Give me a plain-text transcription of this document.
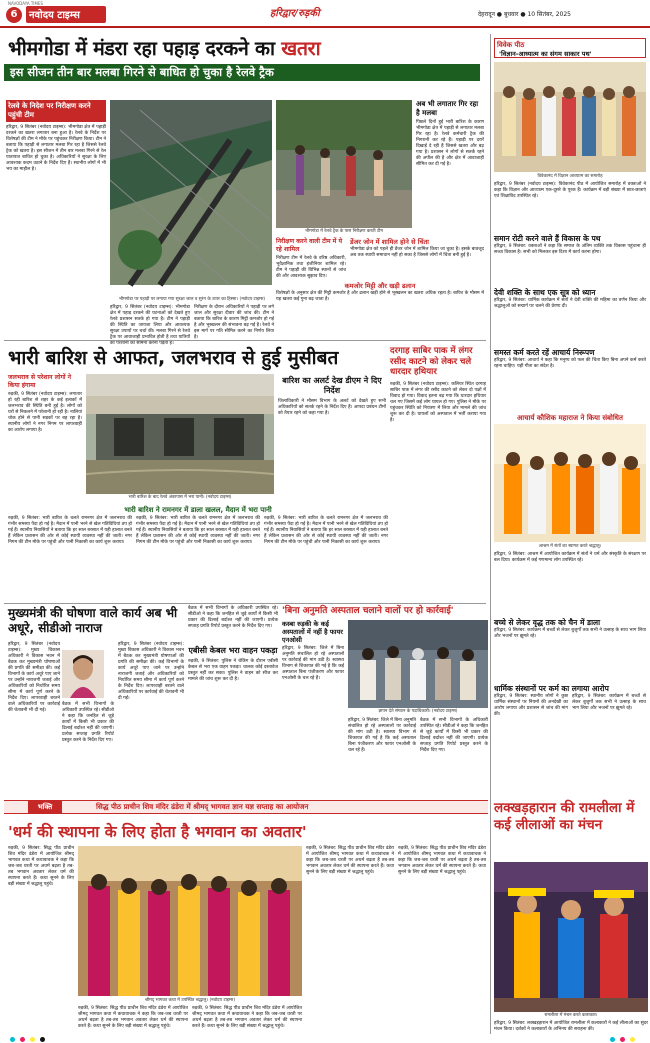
6	नवोदय टाइम्स
NAVODAYA TIMES
हरिद्वार/रुड़की	देहरादून ● बुधवार ● 10 सितंबर, 2025
भीमगोडा में मंडरा रहा पहाड़ दरकने का खतरा
इस सीजन तीन बार मलबा गिरने से बाधित हो चुका है रेलवे ट्रैक
रेलवे के निदेश पर निरीक्षण करने पहुंची टीम
हरिद्वार, 9 सितंबर (नवोदय टाइम्स): भीमगोडा क्षेत्र में पहाड़ी दरकने का खतरा लगातार बना हुआ है। रेलवे के निर्देश पर विशेषज्ञों की टीम ने मौके पर पहुंचकर निरीक्षण किया। टीम ने बताया कि पहाड़ी से लगातार मलबा गिर रहा है जिससे रेलवे ट्रैक को खतरा है। इस सीजन में तीन बार मलबा गिरने से रेल यातायात बाधित हो चुका है। अधिकारियों ने सुरक्षा के लिए आवश्यक कदम उठाने के निर्देश दिए हैं। स्थानीय लोगों में भी भय का माहौल है।
भीमगोडा पर पहाड़ी पर लगाया गया सुरक्षा जाल व सुरंग के ऊपर का हिस्सा। (नवोदय टाइम्स)
भीमगोडा में रेलवे ट्रैक के पास निरीक्षण करती टीम
अब भी लगातार गिर रहा है मलबा
पिछले दिनों हुई भारी बारिश के कारण भीमगोडा क्षेत्र में पहाड़ी से लगातार मलबा गिर रहा है। रेलवे कर्मचारी ट्रैक की निगरानी कर रहे हैं। पहाड़ी पर दरारें दिखाई दे रही हैं जिससे खतरा और बढ़ गया है। प्रशासन ने लोगों से सतर्क रहने की अपील की है और क्षेत्र में आवाजाही सीमित कर दी गई है।
निरीक्षण करने वाली टीम में ये रहे शामिल
निरीक्षण टीम में रेलवे के वरिष्ठ अधिकारी, भूवैज्ञानिक तथा इंजीनियर शामिल रहे। टीम ने पहाड़ी की विभिन्न स्थानों से जांच की और आवश्यक सुझाव दिए।
डेंजर जोन में शामिल होने से चिंता
भीमगोडा क्षेत्र को पहले ही डेंजर जोन में शामिल किया जा चुका है। इसके बावजूद अब तक स्थायी समाधान नहीं हो सका है जिससे लोगों में चिंता बनी हुई है।
कमजोर मिट्टी और खड़ी ढलान
विशेषज्ञों के अनुसार क्षेत्र की मिट्टी कमजोर है और ढलान खड़ी होने से भूस्खलन का खतरा अधिक रहता है। बारिश के मौसम में यह खतरा कई गुना बढ़ जाता है।
हरिद्वार, 9 सितंबर (नवोदय टाइम्स): भीमगोडा क्षेत्र में पहाड़ दरकने की घटनाओं को देखते हुए रेलवे प्रशासन सतर्क हो गया है। टीम ने पहाड़ी की स्थिति का जायजा लिया और आवश्यक सुरक्षा उपायों पर चर्चा की। मलबा गिरने से रेलवे ट्रैक पर आवाजाही प्रभावित होती है तथा यात्रियों को परेशानी का सामना करना पड़ता है।
निरीक्षण के दौरान अधिकारियों ने पहाड़ी पर लगे जाल और सुरक्षा दीवार की जांच की। टीम ने बताया कि बारिश के कारण मिट्टी कमजोर हो गई है और भूस्खलन की संभावना बढ़ गई है। रेलवे ने इस मार्ग पर गति सीमित करने का निर्णय लिया है।
भारी बारिश से आफत, जलभराव से हुई मुसीबत
जलभराव से परेशान लोगों ने किया हंगामा
रुड़की, 9 सितंबर (नवोदय टाइम्स): लगातार हो रही बारिश से शहर के कई इलाकों में जलभराव की स्थिति बनी हुई है। लोगों को घरों से निकलने में परेशानी हो रही है। नालियां चोक होने से पानी सड़कों पर बह रहा है। स्थानीय लोगों ने नगर निगम पर लापरवाही का आरोप लगाया है।
भारी बारिश के बाद रेलवे अंडरपास में भरा पानी। (नवोदय टाइम्स)
बारिश का अलर्ट देख डीएम ने दिए निर्देश
जिलाधिकारी ने मौसम विभाग के अलर्ट को देखते हुए सभी अधिकारियों को सतर्क रहने के निर्देश दिए हैं। आपदा प्रबंधन टीमों को तैयार रहने को कहा गया है।
भारी बारिश ने रामनगर में डाला खलल, मैदान में भरा पानी
रुड़की, 9 सितंबर: भारी बारिश के चलते रामनगर क्षेत्र में जलभराव की गंभीर समस्या पैदा हो गई है। मैदान में पानी भरने से खेल गतिविधियां ठप हो गई हैं। स्थानीय निवासियों ने बताया कि हर साल बरसात में यही हालात बनते हैं लेकिन प्रशासन की ओर से कोई स्थायी व्यवस्था नहीं की जाती। नगर निगम की टीम मौके पर पहुंची और पानी निकासी का कार्य शुरू कराया।
रुड़की, 9 सितंबर: भारी बारिश के चलते रामनगर क्षेत्र में जलभराव की गंभीर समस्या पैदा हो गई है। मैदान में पानी भरने से खेल गतिविधियां ठप हो गई हैं। स्थानीय निवासियों ने बताया कि हर साल बरसात में यही हालात बनते हैं लेकिन प्रशासन की ओर से कोई स्थायी व्यवस्था नहीं की जाती। नगर निगम की टीम मौके पर पहुंची और पानी निकासी का कार्य शुरू कराया।
रुड़की, 9 सितंबर: भारी बारिश के चलते रामनगर क्षेत्र में जलभराव की गंभीर समस्या पैदा हो गई है। मैदान में पानी भरने से खेल गतिविधियां ठप हो गई हैं। स्थानीय निवासियों ने बताया कि हर साल बरसात में यही हालात बनते हैं लेकिन प्रशासन की ओर से कोई स्थायी व्यवस्था नहीं की जाती। नगर निगम की टीम मौके पर पहुंची और पानी निकासी का कार्य शुरू कराया।
दरगाह साबिर पाक में लंगर रसीद काटने को लेकर चले धारदार हथियार
रुड़की, 9 सितंबर (नवोदय टाइम्स): कलियर स्थित दरगाह साबिर पाक में लंगर की रसीद काटने को लेकर दो पक्षों में विवाद हो गया। विवाद इतना बढ़ गया कि धारदार हथियार चल गए जिसमें कई लोग घायल हो गए। पुलिस ने मौके पर पहुंचकर स्थिति को नियंत्रण में लिया और मामले की जांच शुरू कर दी है। घायलों को अस्पताल में भर्ती कराया गया है।
मुख्यमंत्री की घोषणा वाले कार्य अब भी अधूरे, सीडीओ नाराज
हरिद्वार, 9 सितंबर (नवोदय टाइम्स): मुख्य विकास अधिकारी ने विकास भवन में बैठक कर मुख्यमंत्री घोषणाओं की प्रगति की समीक्षा की। कई विभागों के कार्य अधूरे पाए जाने पर उन्होंने नाराजगी जताई और अधिकारियों को निर्धारित समय सीमा में कार्य पूर्ण करने के निर्देश दिए। लापरवाही बरतने वाले अधिकारियों पर कार्रवाई की चेतावनी भी दी गई।
बैठक में सभी विभागों के अधिकारी उपस्थित रहे। सीडीओ ने कहा कि जनहित से जुड़े कार्यों में किसी भी प्रकार की ढिलाई बर्दाश्त नहीं की जाएगी। प्रत्येक सप्ताह प्रगति रिपोर्ट प्रस्तुत करने के निर्देश दिए गए।
हरिद्वार, 9 सितंबर (नवोदय टाइम्स): मुख्य विकास अधिकारी ने विकास भवन में बैठक कर मुख्यमंत्री घोषणाओं की प्रगति की समीक्षा की। कई विभागों के कार्य अधूरे पाए जाने पर उन्होंने नाराजगी जताई और अधिकारियों को निर्धारित समय सीमा में कार्य पूर्ण करने के निर्देश दिए। लापरवाही बरतने वाले अधिकारियों पर कार्रवाई की चेतावनी भी दी गई।
बैठक में सभी विभागों के अधिकारी उपस्थित रहे। सीडीओ ने कहा कि जनहित से जुड़े कार्यों में किसी भी प्रकार की ढिलाई बर्दाश्त नहीं की जाएगी। प्रत्येक सप्ताह प्रगति रिपोर्ट प्रस्तुत करने के निर्देश दिए गए।
एबीसी केबल भरा वाहन पकड़ा
रुड़की, 9 सितंबर: पुलिस ने चेकिंग के दौरान एबीसी केबल से भरा एक वाहन पकड़ा। चालक कोई दस्तावेज प्रस्तुत नहीं कर सका। पुलिस ने वाहन को सीज कर मामले की जांच शुरू कर दी है।
'बिना अनुमति अस्पताल चलाने वालों पर हो कार्रवाई'
कस्बा रुड़की के कई अस्पतालों में नहीं है फायर एनओसी
हरिद्वार, 9 सितंबर: जिले में बिना अनुमति संचालित हो रहे अस्पतालों पर कार्रवाई की मांग उठी है। स्वास्थ्य विभाग से शिकायत की गई है कि कई अस्पताल बिना पंजीकरण और फायर एनओसी के चल रहे हैं।
ज्ञापन देते संगठन के पदाधिकारी। (नवोदय टाइम्स)
हरिद्वार, 9 सितंबर: जिले में बिना अनुमति संचालित हो रहे अस्पतालों पर कार्रवाई की मांग उठी है। स्वास्थ्य विभाग से शिकायत की गई है कि कई अस्पताल बिना पंजीकरण और फायर एनओसी के चल रहे हैं।
बैठक में सभी विभागों के अधिकारी उपस्थित रहे। सीडीओ ने कहा कि जनहित से जुड़े कार्यों में किसी भी प्रकार की ढिलाई बर्दाश्त नहीं की जाएगी। प्रत्येक सप्ताह प्रगति रिपोर्ट प्रस्तुत करने के निर्देश दिए गए।
भक्ति	सिद्ध पीठ प्राचीन शिव मंदिर ढंडेरा में श्रीमद् भागवत ज्ञान यज्ञ सप्ताह का आयोजन
'धर्म की स्थापना के लिए होता है भगवान का अवतार'
रुड़की, 9 सितंबर: सिद्ध पीठ प्राचीन शिव मंदिर ढंडेरा में आयोजित श्रीमद् भागवत कथा में कथावाचक ने कहा कि जब-जब धरती पर अधर्म बढ़ता है तब-तब भगवान अवतार लेकर धर्म की स्थापना करते हैं। कथा सुनने के लिए बड़ी संख्या में श्रद्धालु पहुंचे।
श्रीमद् भागवत कथा में उपस्थित श्रद्धालु। (नवोदय टाइम्स)
रुड़की, 9 सितंबर: सिद्ध पीठ प्राचीन शिव मंदिर ढंडेरा में आयोजित श्रीमद् भागवत कथा में कथावाचक ने कहा कि जब-जब धरती पर अधर्म बढ़ता है तब-तब भगवान अवतार लेकर धर्म की स्थापना करते हैं। कथा सुनने के लिए बड़ी संख्या में श्रद्धालु पहुंचे।
रुड़की, 9 सितंबर: सिद्ध पीठ प्राचीन शिव मंदिर ढंडेरा में आयोजित श्रीमद् भागवत कथा में कथावाचक ने कहा कि जब-जब धरती पर अधर्म बढ़ता है तब-तब भगवान अवतार लेकर धर्म की स्थापना करते हैं। कथा सुनने के लिए बड़ी संख्या में श्रद्धालु पहुंचे।
रुड़की, 9 सितंबर: सिद्ध पीठ प्राचीन शिव मंदिर ढंडेरा में आयोजित श्रीमद् भागवत कथा में कथावाचक ने कहा कि जब-जब धरती पर अधर्म बढ़ता है तब-तब भगवान अवतार लेकर धर्म की स्थापना करते हैं। कथा सुनने के लिए बड़ी संख्या में श्रद्धालु पहुंचे।
रुड़की, 9 सितंबर: सिद्ध पीठ प्राचीन शिव मंदिर ढंडेरा में आयोजित श्रीमद् भागवत कथा में कथावाचक ने कहा कि जब-जब धरती पर अधर्म बढ़ता है तब-तब भगवान अवतार लेकर धर्म की स्थापना करते हैं। कथा सुनने के लिए बड़ी संख्या में श्रद्धालु पहुंचे।
विवेक पीठ
'विज्ञान-आध्यात्म का संगम साकार पथ'
विवेकानंद में विज्ञान आध्यात्म का समारोह
हरिद्वार, 9 सितंबर (नवोदय टाइम्स): विवेकानंद पीठ में आयोजित समारोह में वक्ताओं ने कहा कि विज्ञान और आध्यात्म एक-दूसरे के पूरक हैं। कार्यक्रम में बड़ी संख्या में छात्र-छात्राएं एवं शिक्षाविद उपस्थित रहे।
समान रोटी करने वाले हैं विकास के पथ
हरिद्वार, 9 सितंबर: वक्ताओं ने कहा कि समाज के अंतिम व्यक्ति तक विकास पहुंचाना ही सच्चा विकास है। सभी को मिलकर इस दिशा में कार्य करना होगा।
देवी शक्ति के साथ एक सूत्र को ध्यान
हरिद्वार, 9 सितंबर: धार्मिक कार्यक्रम में संतों ने देवी शक्ति की महिमा का वर्णन किया और श्रद्धालुओं को सद्मार्ग पर चलने की प्रेरणा दी।
समस्त कर्म करते रहें आचार्य निरूपण
हरिद्वार, 9 सितंबर: आचार्य ने कहा कि मनुष्य को फल की चिंता किए बिना अपने कर्म करते रहना चाहिए। यही गीता का संदेश है।
आचार्य कौशिक महाराज ने किया संबोधित
आश्रम में संतों का स्वागत करते श्रद्धालु।
हरिद्वार, 9 सितंबर: आश्रम में आयोजित कार्यक्रम में संतों ने धर्म और संस्कृति के संरक्षण पर बल दिया। कार्यक्रम में कई गणमान्य लोग उपस्थित रहे।
बच्चे से लेकर वृद्ध तक को चैन में डाला
हरिद्वार, 9 सितंबर: कार्यक्रम में बच्चों से लेकर बुजुर्गों तक सभी ने उत्साह के साथ भाग लिया और भजनों पर झूमते रहे।
धार्मिक संस्थानों पर कर्म का लगाया आरोप
हरिद्वार, 9 सितंबर: स्थानीय लोगों ने कुछ धार्मिक संस्थानों पर नियमों की अनदेखी का आरोप लगाया और प्रशासन से जांच की मांग की।
हरिद्वार, 9 सितंबर: कार्यक्रम में बच्चों से लेकर बुजुर्गों तक सभी ने उत्साह के साथ भाग लिया और भजनों पर झूमते रहे।
लक्खड़हारान की रामलीला में कई लीलाओं का मंचन
रामलीला में मंचन करते कलाकार।
हरिद्वार, 9 सितंबर: लक्खड़हारान में आयोजित रामलीला में कलाकारों ने कई लीलाओं का सुंदर मंचन किया। दर्शकों ने कलाकारों के अभिनय की सराहना की।
